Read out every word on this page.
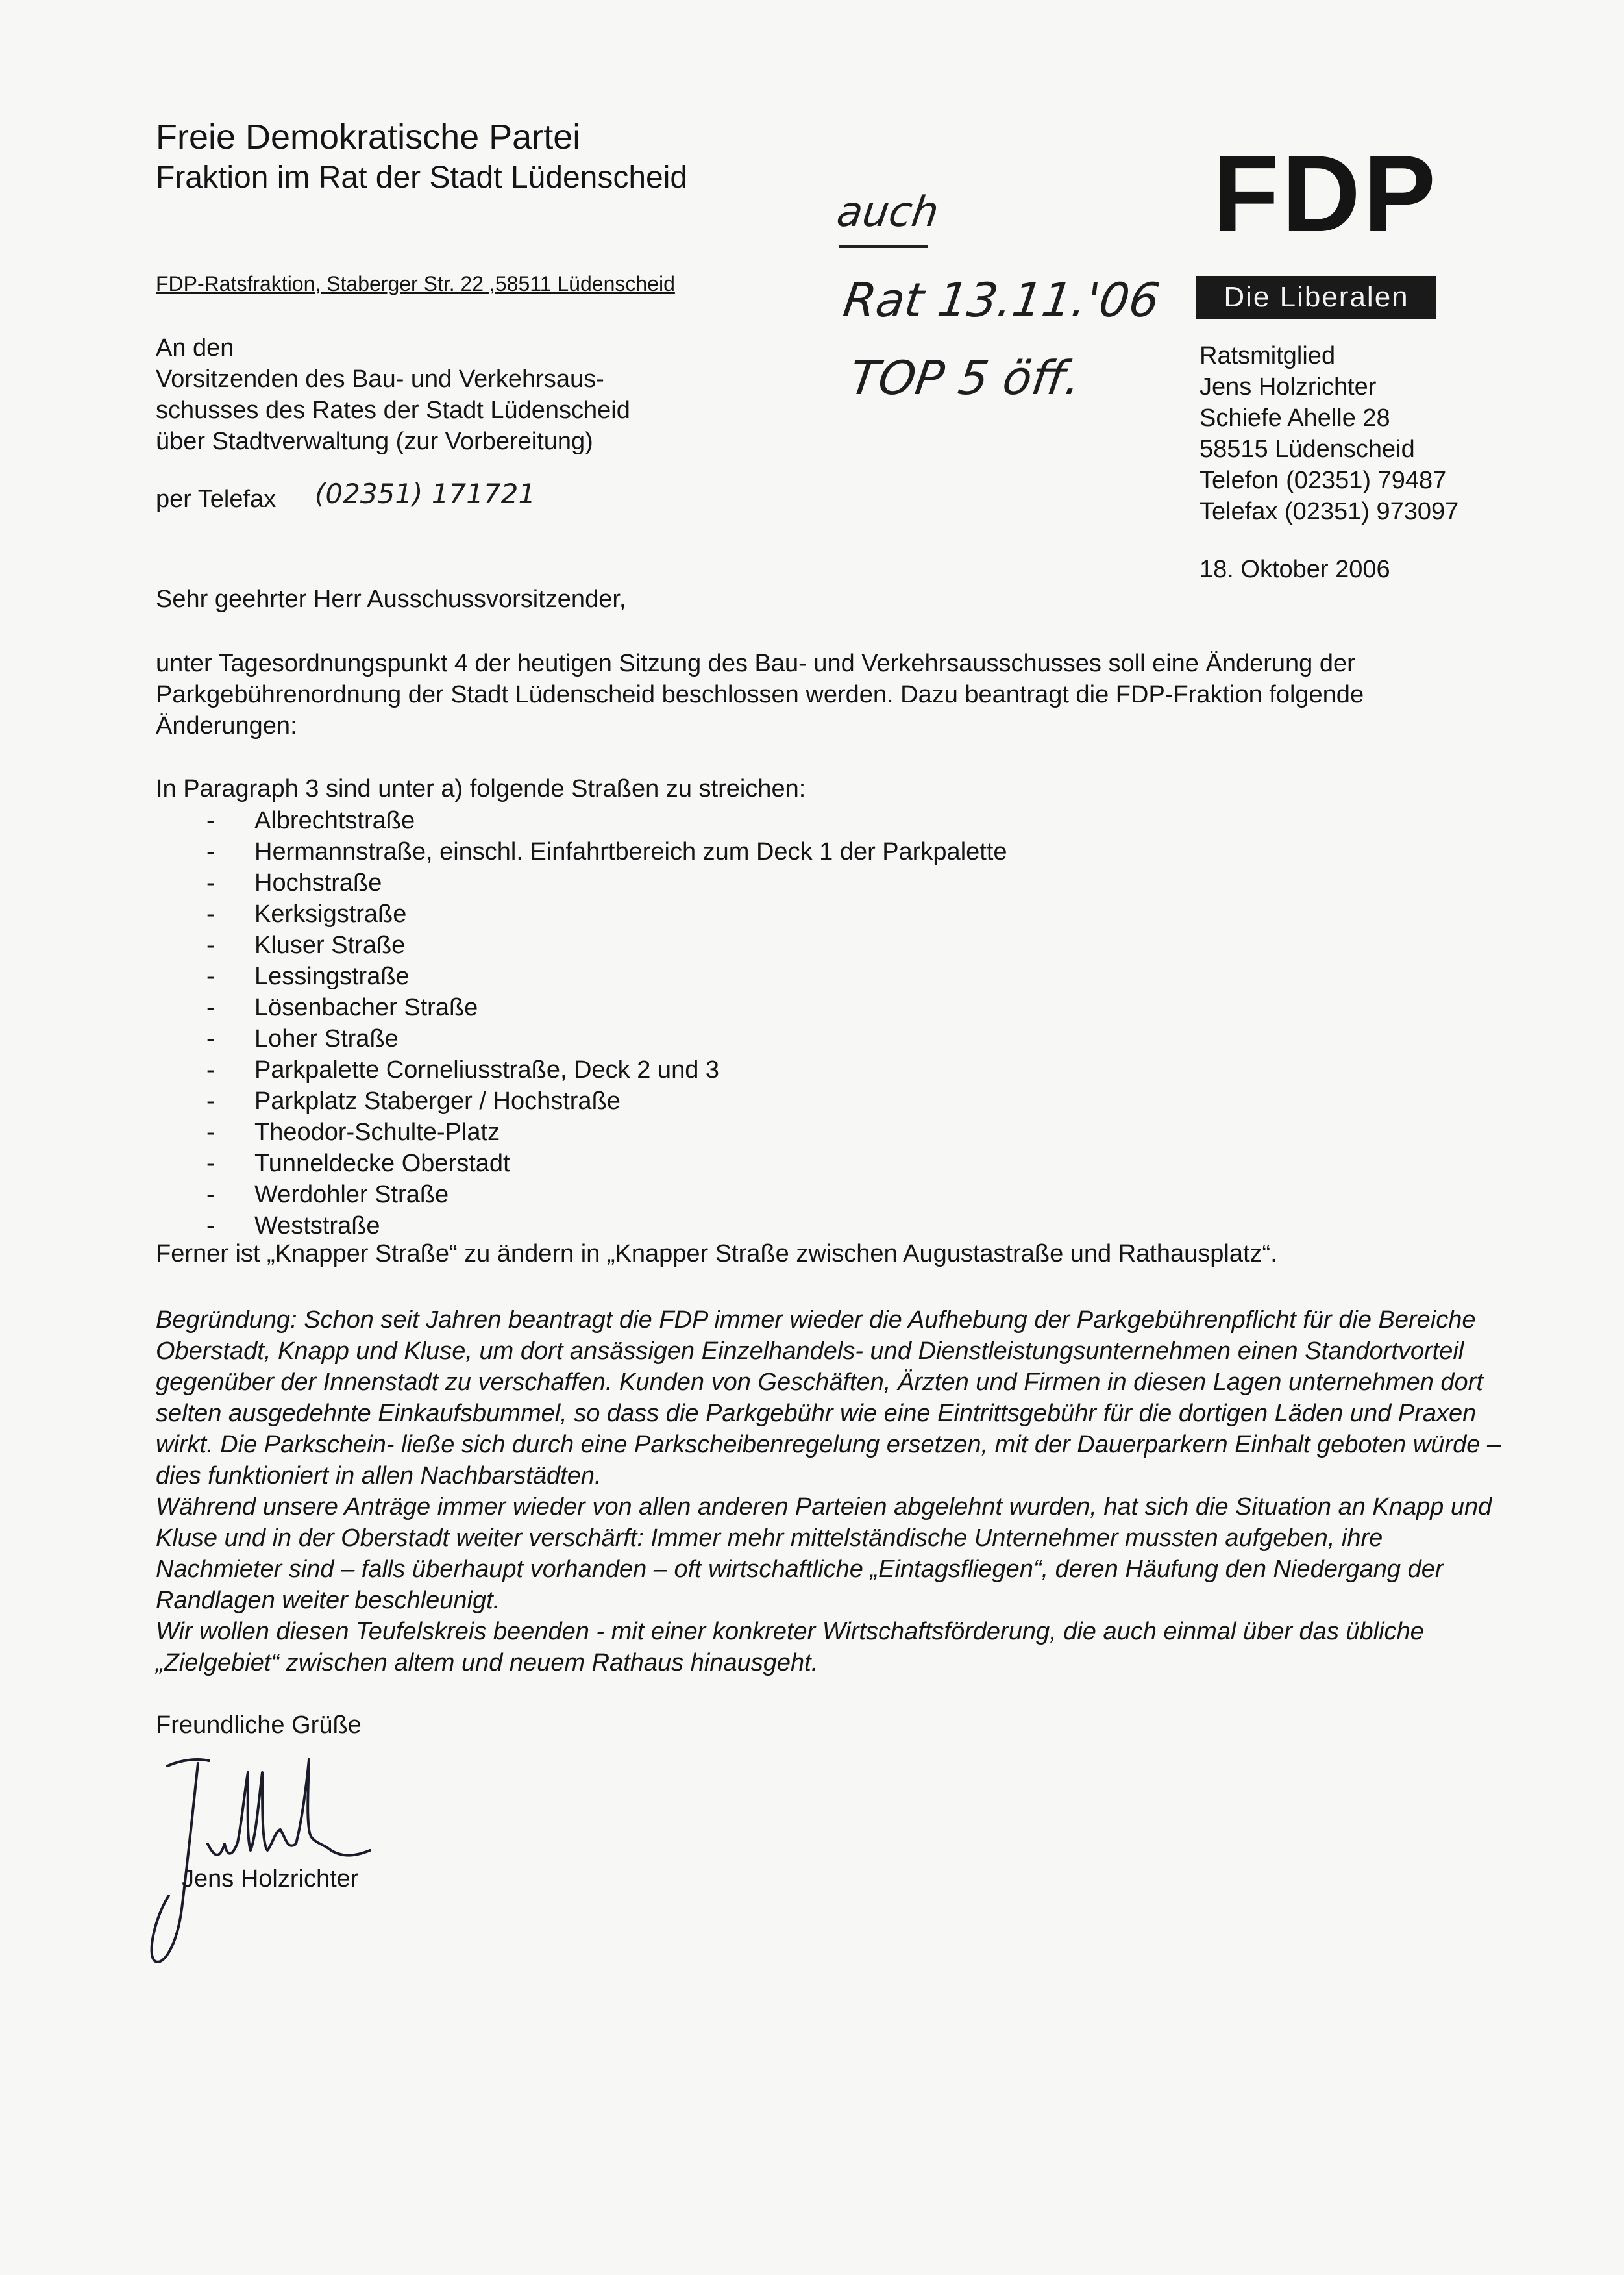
Freie Demokratische Partei
Fraktion im Rat der Stadt Lüdenscheid
FDP-Ratsfraktion, Staberger Str. 22 ,58511 Lüdenscheid
FDP
Die Liberalen
auch
Rat 13.11.'06
TOP 5 öff.
An den
Vorsitzenden des Bau- und Verkehrsaus-
schusses des Rates der Stadt Lüdenscheid
über Stadtverwaltung (zur Vorbereitung)
per Telefax (02351) 171721
Ratsmitglied
Jens Holzrichter
Schiefe Ahelle 28
58515 Lüdenscheid
Telefon (02351) 79487
Telefax (02351) 973097
18. Oktober 2006
Sehr geehrter Herr Ausschussvorsitzender,
unter Tagesordnungspunkt 4 der heutigen Sitzung des Bau- und Verkehrsausschusses soll eine Änderung der Parkgebührenordnung der Stadt Lüdenscheid beschlossen werden. Dazu beantragt die FDP-Fraktion folgende Änderungen:
In Paragraph 3 sind unter a) folgende Straßen zu streichen:
-	Albrechtstraße
-	Hermannstraße, einschl. Einfahrtbereich zum Deck 1 der Parkpalette
-	Hochstraße
-	Kerksigstraße
-	Kluser Straße
-	Lessingstraße
-	Lösenbacher Straße
-	Loher Straße
-	Parkpalette Corneliusstraße, Deck 2 und 3
-	Parkplatz Staberger / Hochstraße
-	Theodor-Schulte-Platz
-	Tunneldecke Oberstadt
-	Werdohler Straße
-	Weststraße
Ferner ist „Knapper Straße“ zu ändern in „Knapper Straße zwischen Augustastraße und Rathausplatz“.
Begründung: Schon seit Jahren beantragt die FDP immer wieder die Aufhebung der Parkgebührenpflicht für die Bereiche Oberstadt, Knapp und Kluse, um dort ansässigen Einzelhandels- und Dienstleistungsunternehmen einen Standortvorteil gegenüber der Innenstadt zu verschaffen. Kunden von Geschäften, Ärzten und Firmen in diesen Lagen unternehmen dort selten ausgedehnte Einkaufsbummel, so dass die Parkgebühr wie eine Eintrittsgebühr für die dortigen Läden und Praxen wirkt. Die Parkschein- ließe sich durch eine Parkscheibenregelung ersetzen, mit der Dauerparkern Einhalt geboten würde – dies funktioniert in allen Nachbarstädten.
Während unsere Anträge immer wieder von allen anderen Parteien abgelehnt wurden, hat sich die Situation an Knapp und Kluse und in der Oberstadt weiter verschärft: Immer mehr mittelständische Unternehmer mussten aufgeben, ihre Nachmieter sind – falls überhaupt vorhanden – oft wirtschaftliche „Eintagsfliegen“, deren Häufung den Niedergang der Randlagen weiter beschleunigt.
Wir wollen diesen Teufelskreis beenden - mit einer konkreter Wirtschaftsförderung, die auch einmal über das übliche „Zielgebiet“ zwischen altem und neuem Rathaus hinausgeht.
Freundliche Grüße
Jens Holzrichter
